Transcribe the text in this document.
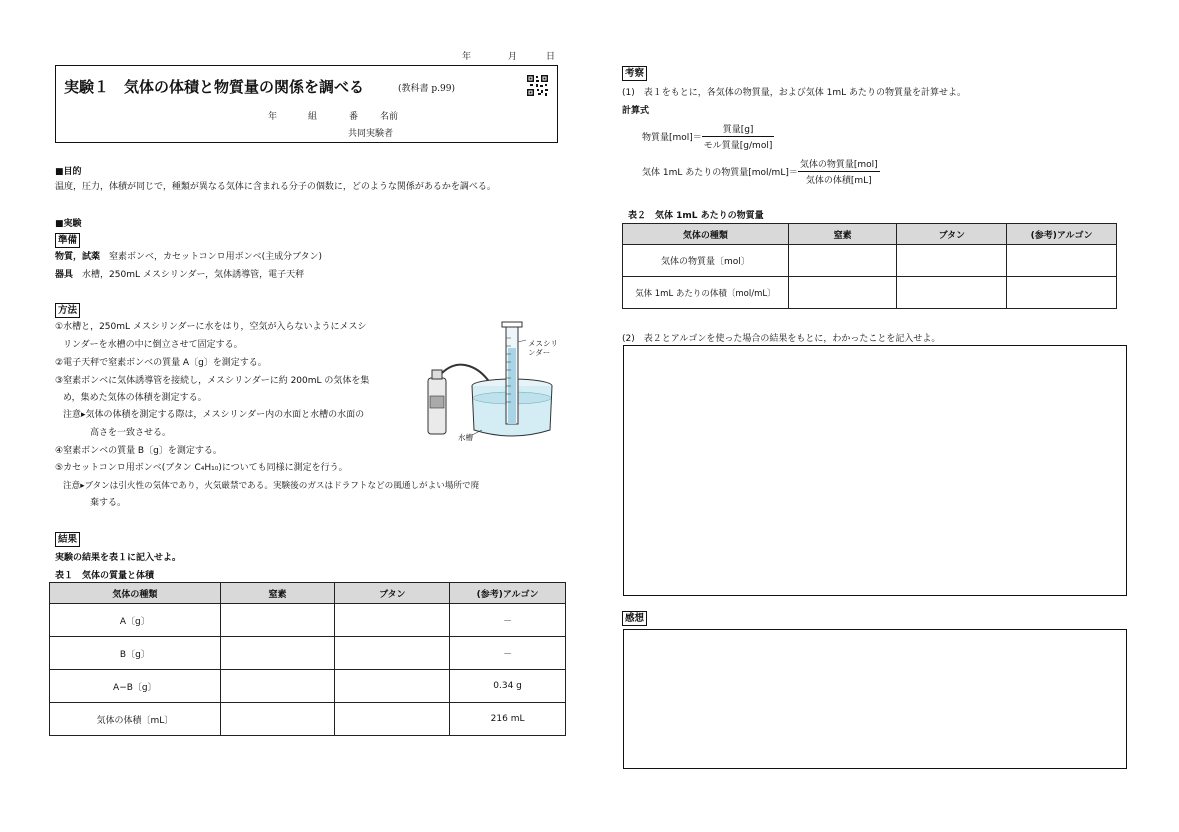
年	月	日
実験１　気体の体積と物質量の関係を調べる	(教科書 p.99)
年	組	番 名前
共同実験者
■目的
温度，圧力，体積が同じで，種類が異なる気体に含まれる分子の個数に，どのような関係があるかを調べる。
■実験
準備
物質，試薬　 窒素ボンベ，カセットコンロ用ボンベ(主成分ブタン)
器具　 水槽，250mL メスシリンダー，気体誘導管，電子天秤
方法
①水槽と，250mL メスシリンダーに水をはり，空気が入らないようにメスシ
リンダーを水槽の中に倒立させて固定する。
②電子天秤で窒素ボンベの質量 A〔g〕を測定する。
③窒素ボンベに気体誘導管を接続し，メスシリンダーに約 200mL の気体を集
め，集めた気体の体積を測定する。
注意▸気体の体積を測定する際は，メスシリンダー内の水面と水槽の水面の
高さを一致させる。
④窒素ボンベの質量 B〔g〕を測定する。
⑤カセットコンロ用ボンベ(ブタン C₄H₁₀)についても同様に測定を行う。
注意▸ブタンは引火性の気体であり，火気厳禁である。実験後のガスはドラフトなどの風通しがよい場所で廃
棄する。
メスシリ
ンダー
水槽
結果
実験の結果を表１に記入せよ。
表１　気体の質量と体積
気体の種類	窒素	ブタン	(参考)アルゴン
A〔g〕			－
B〔g〕			－
A−B〔g〕			0.34 g
気体の体積〔mL〕			216 mL
考察
(1)　表１をもとに，各気体の物質量，および気体 1mL あたりの物質量を計算せよ。
計算式
物質量$[mol]= \frac{\text{質量[g]}}{\text{モル質量[g/mol]}}$
気体 1mL あたりの物質量$[mol/mL]= \frac{\text{気体の物質量[mol]}}{\text{気体の体積[mL]}}$
表２　気体 1mL あたりの物質量
気体の種類	窒素	ブタン	(参考)アルゴン
気体の物質量〔mol〕			
気体 1mL あたりの体積〔mol/mL〕			
(2)　表２とアルゴンを使った場合の結果をもとに，わかったことを記入せよ。
感想
